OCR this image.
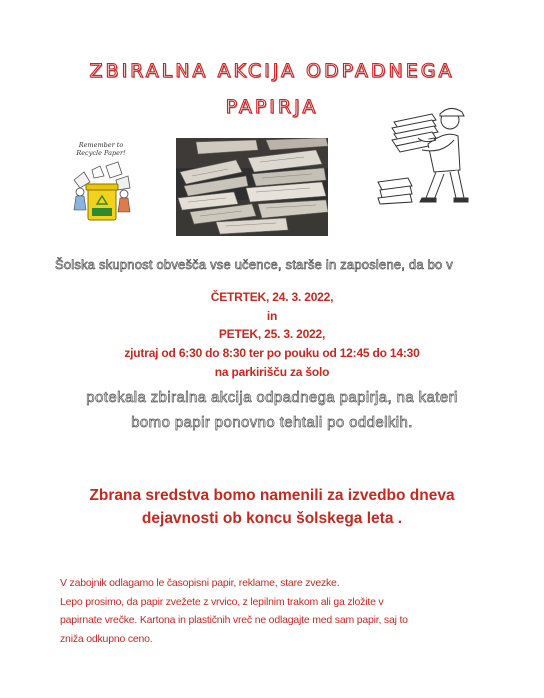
ZBIRALNA AKCIJA ODPADNEGA
PAPIRJA
Remember to
Recycle Paper!
Šolska skupnost obvešča vse učence, starše in zaposlene, da bo v
ČETRTEK, 24. 3. 2022,
in
PETEK, 25. 3. 2022,
zjutraj od 6:30 do 8:30 ter po pouku od 12:45 do 14:30
na parkirišču za šolo
potekala zbiralna akcija odpadnega papirja, na kateri
bomo papir ponovno tehtali po oddelkih.
Zbrana sredstva bomo namenili za izvedbo dneva
dejavnosti ob koncu šolskega leta .
V zabojnik odlagamo le časopisni papir, reklame, stare zvezke.
Lepo prosimo, da papir zvežete z vrvico, z lepilnim trakom ali ga zložite v
papirnate vrečke. Kartona in plastičnih vreč ne odlagajte med sam papir, saj to
zniža odkupno ceno.
